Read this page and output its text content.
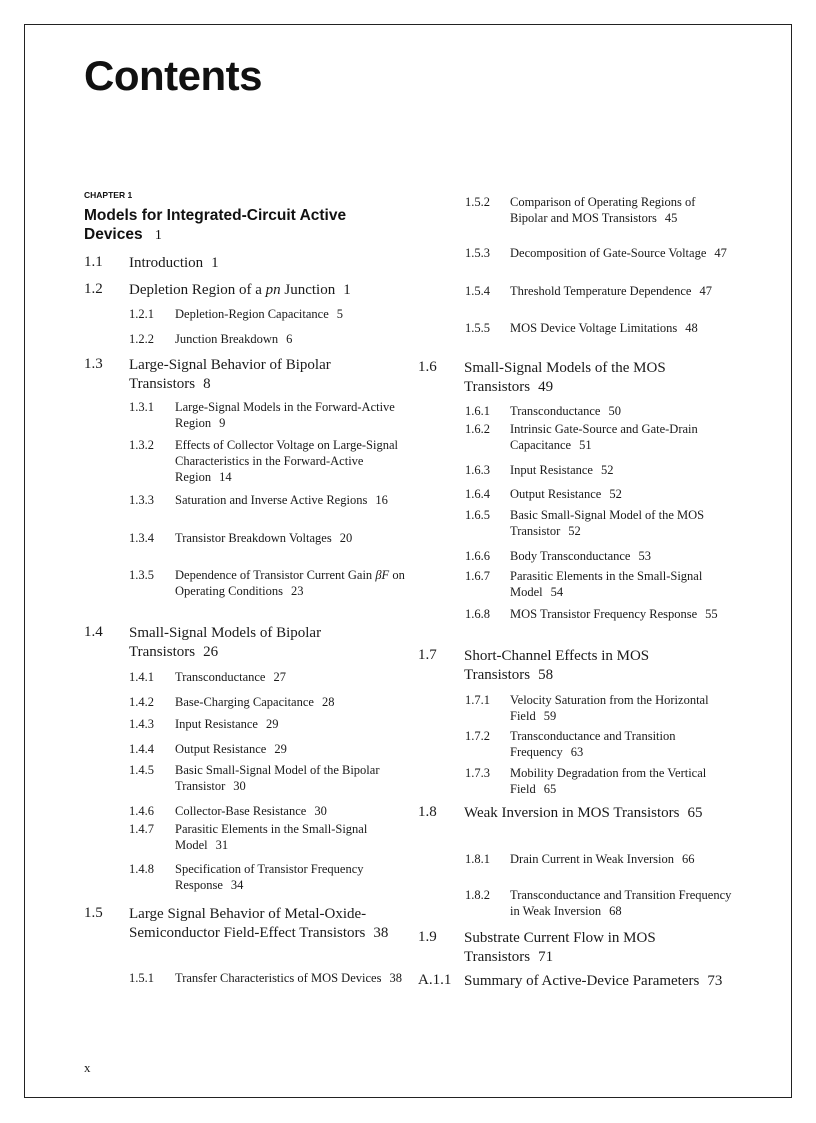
Contents
CHAPTER 1
Models for Integrated-Circuit Active Devices 1
1.1 Introduction 1
1.2 Depletion Region of a pn Junction 1
1.2.1 Depletion-Region Capacitance 5
1.2.2 Junction Breakdown 6
1.3 Large-Signal Behavior of Bipolar Transistors 8
1.3.1 Large-Signal Models in the Forward-Active Region 9
1.3.2 Effects of Collector Voltage on Large-Signal Characteristics in the Forward-Active Region 14
1.3.3 Saturation and Inverse Active Regions 16
1.3.4 Transistor Breakdown Voltages 20
1.3.5 Dependence of Transistor Current Gain βF on Operating Conditions 23
1.4 Small-Signal Models of Bipolar Transistors 26
1.4.1 Transconductance 27
1.4.2 Base-Charging Capacitance 28
1.4.3 Input Resistance 29
1.4.4 Output Resistance 29
1.4.5 Basic Small-Signal Model of the Bipolar Transistor 30
1.4.6 Collector-Base Resistance 30
1.4.7 Parasitic Elements in the Small-Signal Model 31
1.4.8 Specification of Transistor Frequency Response 34
1.5 Large Signal Behavior of Metal-Oxide-Semiconductor Field-Effect Transistors 38
1.5.1 Transfer Characteristics of MOS Devices 38
1.5.2 Comparison of Operating Regions of Bipolar and MOS Transistors 45
1.5.3 Decomposition of Gate-Source Voltage 47
1.5.4 Threshold Temperature Dependence 47
1.5.5 MOS Device Voltage Limitations 48
1.6 Small-Signal Models of the MOS Transistors 49
1.6.1 Transconductance 50
1.6.2 Intrinsic Gate-Source and Gate-Drain Capacitance 51
1.6.3 Input Resistance 52
1.6.4 Output Resistance 52
1.6.5 Basic Small-Signal Model of the MOS Transistor 52
1.6.6 Body Transconductance 53
1.6.7 Parasitic Elements in the Small-Signal Model 54
1.6.8 MOS Transistor Frequency Response 55
1.7 Short-Channel Effects in MOS Transistors 58
1.7.1 Velocity Saturation from the Horizontal Field 59
1.7.2 Transconductance and Transition Frequency 63
1.7.3 Mobility Degradation from the Vertical Field 65
1.8 Weak Inversion in MOS Transistors 65
1.8.1 Drain Current in Weak Inversion 66
1.8.2 Transconductance and Transition Frequency in Weak Inversion 68
1.9 Substrate Current Flow in MOS Transistors 71
A.1.1 Summary of Active-Device Parameters 73
x
